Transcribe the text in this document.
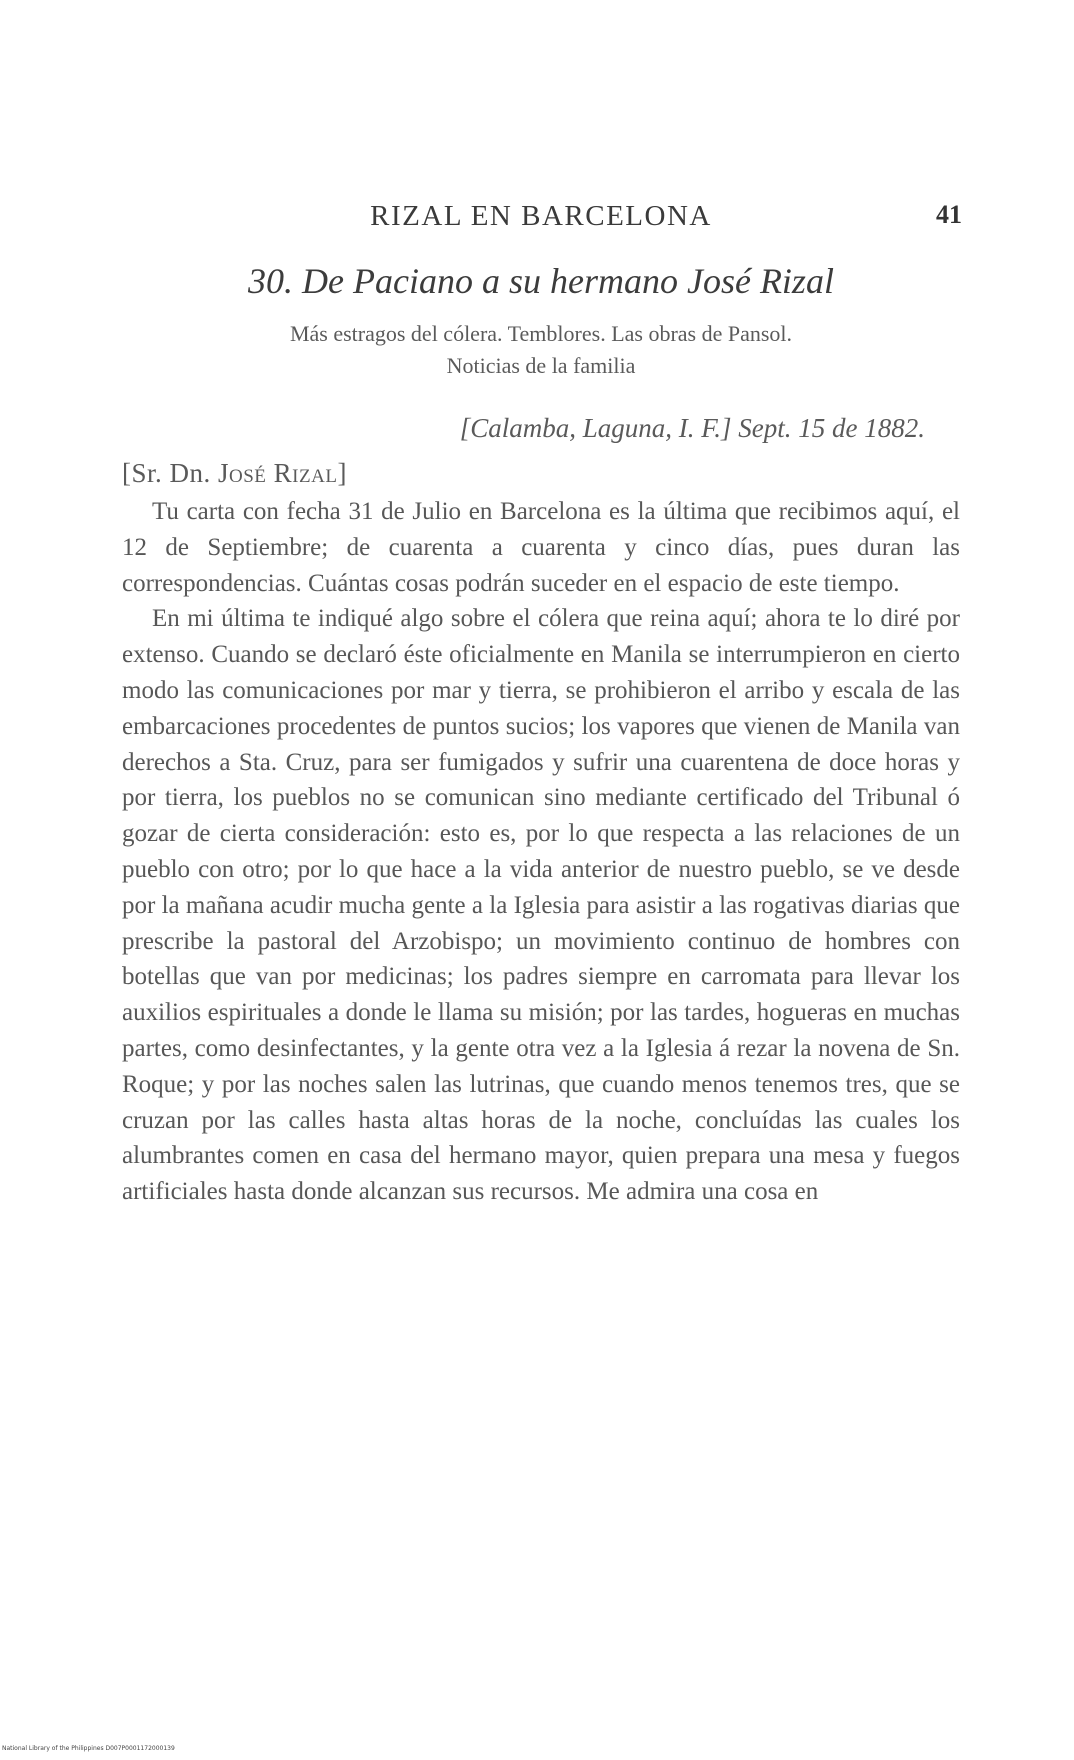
RIZAL EN BARCELONA	41
30. De Paciano a su hermano José Rizal
Más estragos del cólera. Temblores. Las obras de Pansol.
Noticias de la familia
[Calamba, Laguna, I. F.] Sept. 15 de 1882.
[Sr. Dn. José Rizal]

Tu carta con fecha 31 de Julio en Barcelona es la última que recibimos aquí, el 12 de Septiembre; de cuarenta a cuarenta y cinco días, pues duran las correspondencias. Cuántas cosas podrán suceder en el espacio de este tiempo.

En mi última te indiqué algo sobre el cólera que reina aquí; ahora te lo diré por extenso. Cuando se declaró éste oficialmente en Manila se interrumpieron en cierto modo las comunicaciones por mar y tierra, se prohibieron el arribo y escala de las embarcaciones procedentes de puntos sucios; los vapores que vienen de Manila van derechos a Sta. Cruz, para ser fumigados y sufrir una cuarentena de doce horas y por tierra, los pueblos no se comunican sino mediante certificado del Tribunal ó gozar de cierta consideración: esto es, por lo que respecta a las relaciones de un pueblo con otro; por lo que hace a la vida anterior de nuestro pueblo, se ve desde por la mañana acudir mucha gente a la Iglesia para asistir a las rogativas diarias que prescribe la pastoral del Arzobispo; un movimiento continuo de hombres con botellas que van por medicinas; los padres siempre en carromata para llevar los auxilios espirituales a donde le llama su misión; por las tardes, hogueras en muchas partes, como desinfectantes, y la gente otra vez a la Iglesia á rezar la novena de Sn. Roque; y por las noches salen las lutrinas, que cuando menos tenemos tres, que se cruzan por las calles hasta altas horas de la noche, concluídas las cuales los alumbrantes comen en casa del hermano mayor, quien prepara una mesa y fuegos artificiales hasta donde alcanzan sus recursos. Me admira una cosa en

National Library of the Philippines D007P0001172000139
